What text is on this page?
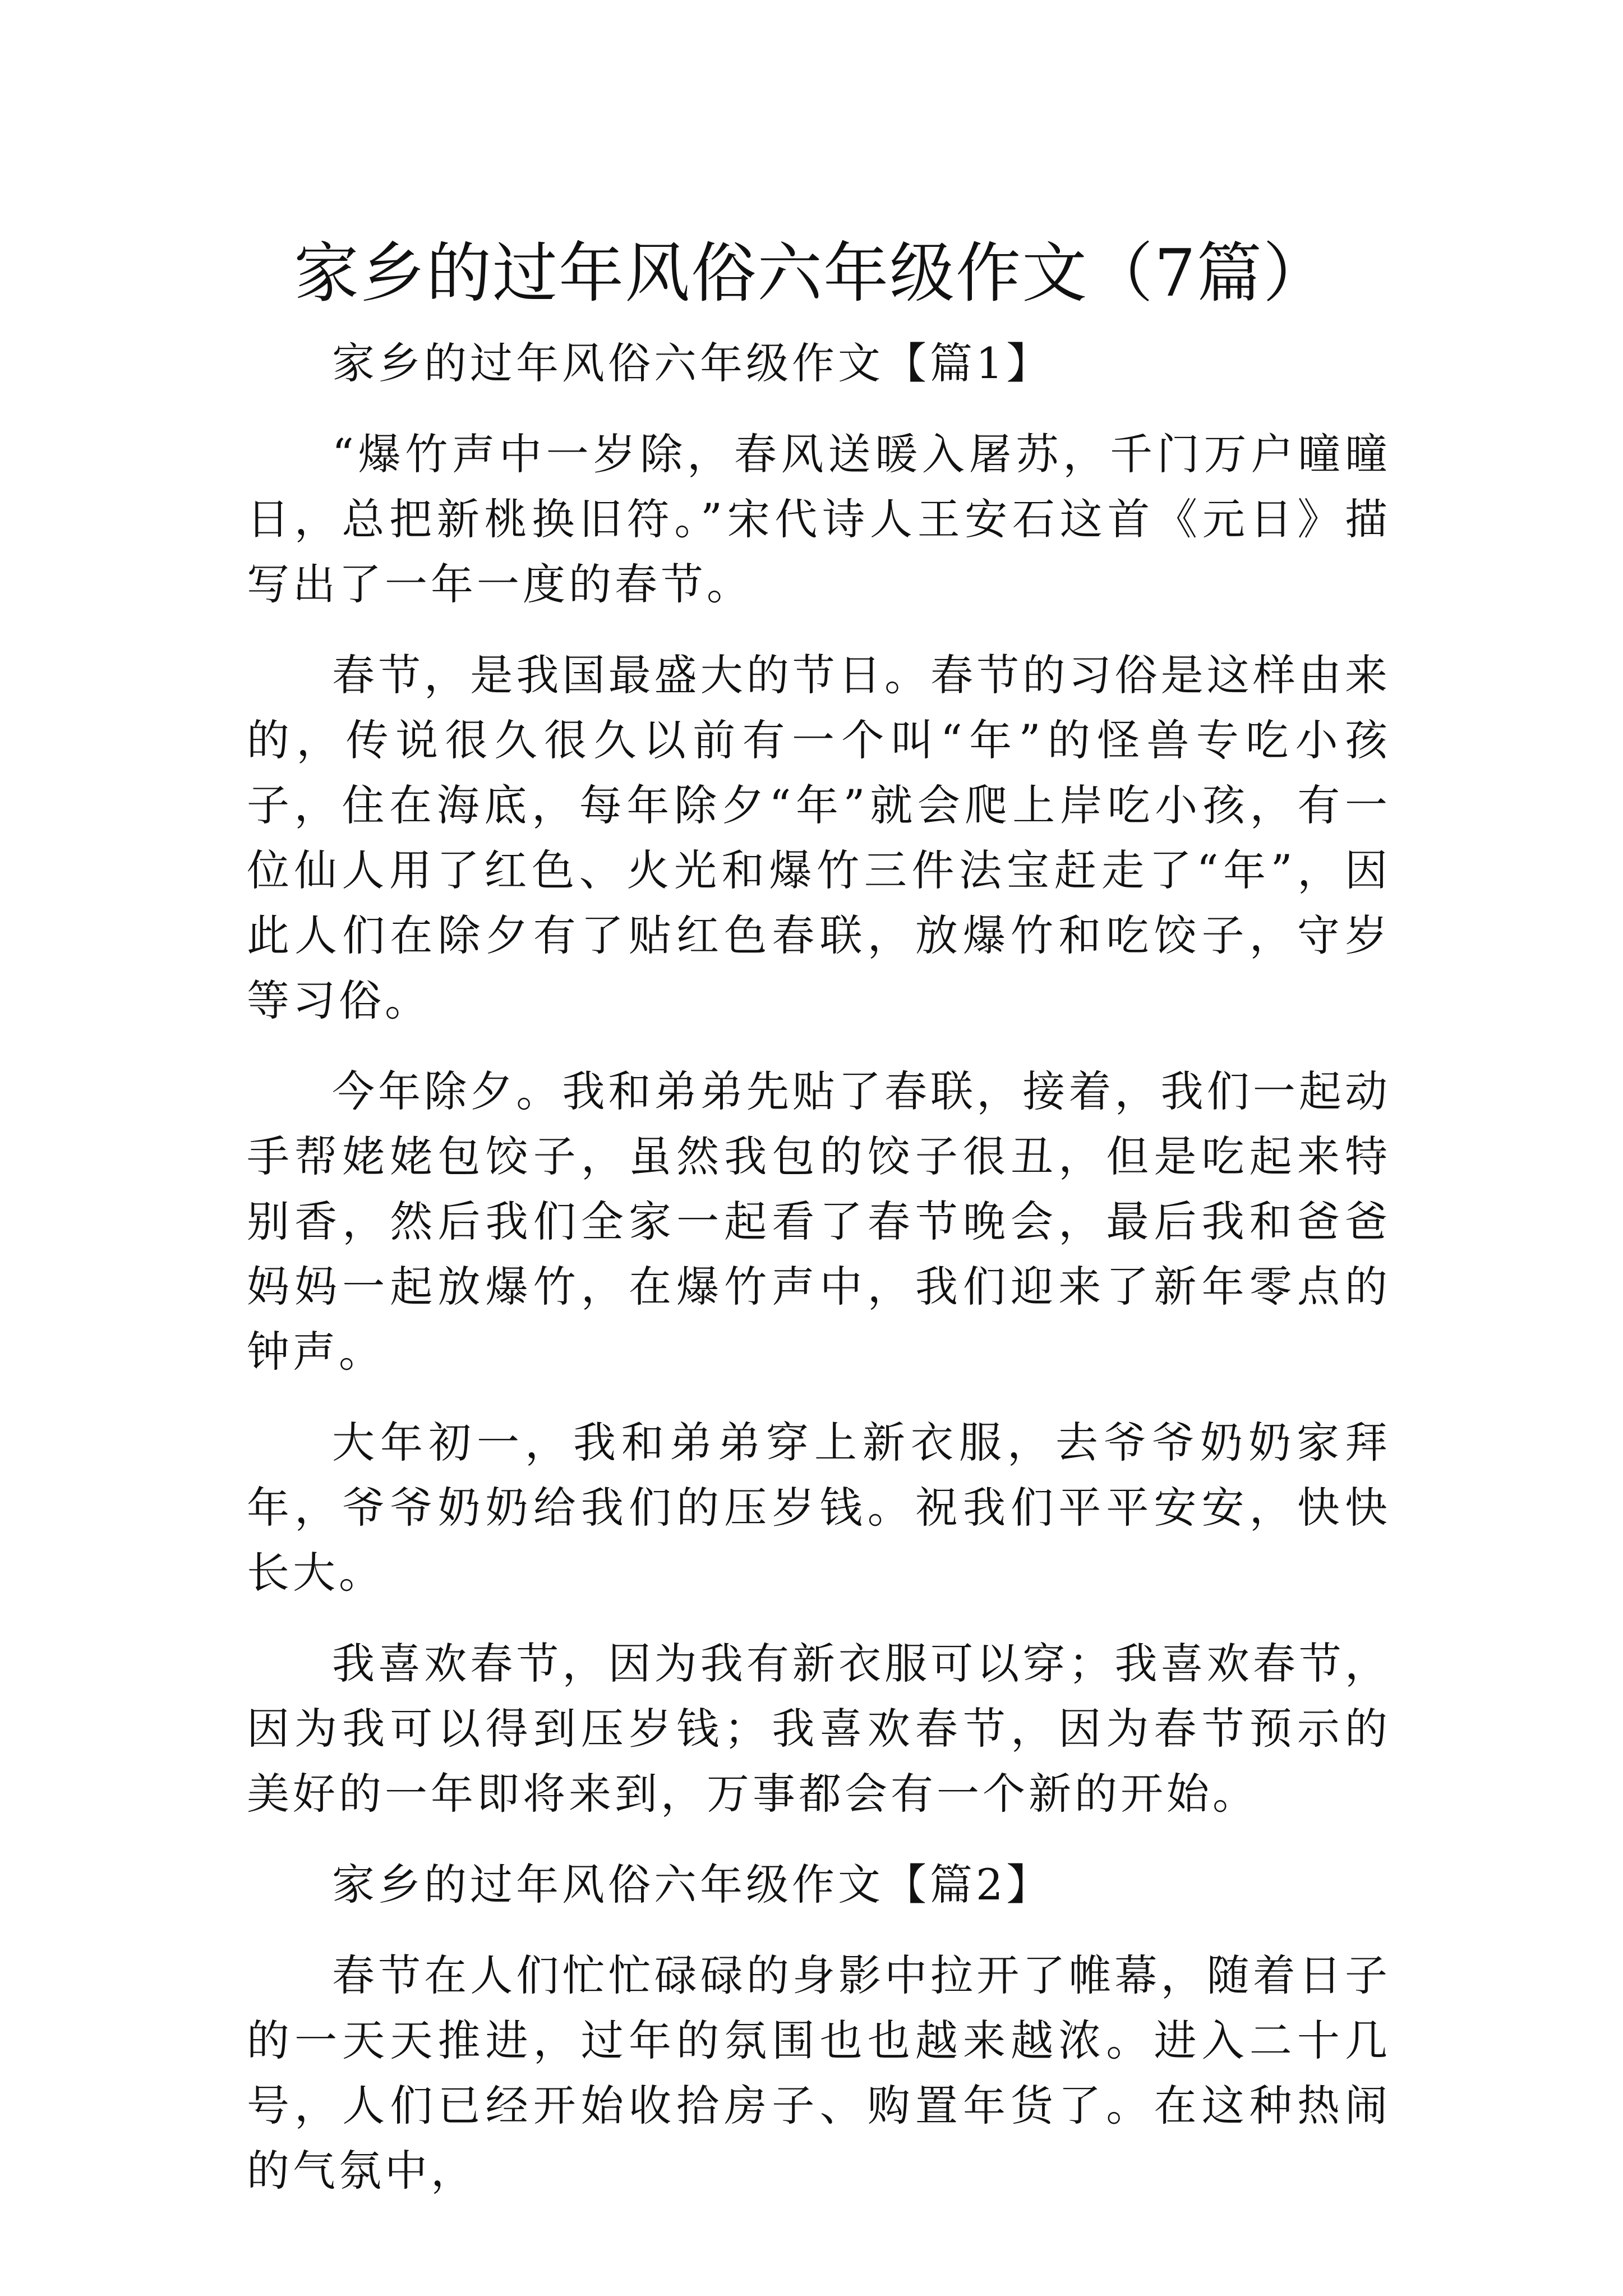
家乡的过年风俗六年级作文（7篇）

家乡的过年风俗六年级作文【篇1】

“爆竹声中一岁除，春风送暖入屠苏，千门万户曈曈日，总把新桃换旧符。”宋代诗人王安石这首《元日》描写出了一年一度的春节。

春节，是我国最盛大的节日。春节的习俗是这样由来的，传说很久很久以前有一个叫“年”的怪兽专吃小孩子，住在海底，每年除夕“年”就会爬上岸吃小孩，有一位仙人用了红色、火光和爆竹三件法宝赶走了“年”，因此人们在除夕有了贴红色春联，放爆竹和吃饺子，守岁等习俗。

今年除夕。我和弟弟先贴了春联，接着，我们一起动手帮姥姥包饺子，虽然我包的饺子很丑，但是吃起来特别香，然后我们全家一起看了春节晚会，最后我和爸爸妈妈一起放爆竹，在爆竹声中，我们迎来了新年零点的钟声。

大年初一，我和弟弟穿上新衣服，去爷爷奶奶家拜年，爷爷奶奶给我们的压岁钱。祝我们平平安安，快快长大。

我喜欢春节，因为我有新衣服可以穿；我喜欢春节，因为我可以得到压岁钱；我喜欢春节，因为春节预示的美好的一年即将来到，万事都会有一个新的开始。

家乡的过年风俗六年级作文【篇2】

春节在人们忙忙碌碌的身影中拉开了帷幕，随着日子的一天天推进，过年的氛围也也越来越浓。进入二十几号，人们已经开始收拾房子、购置年货了。在这种热闹的气氛中，
